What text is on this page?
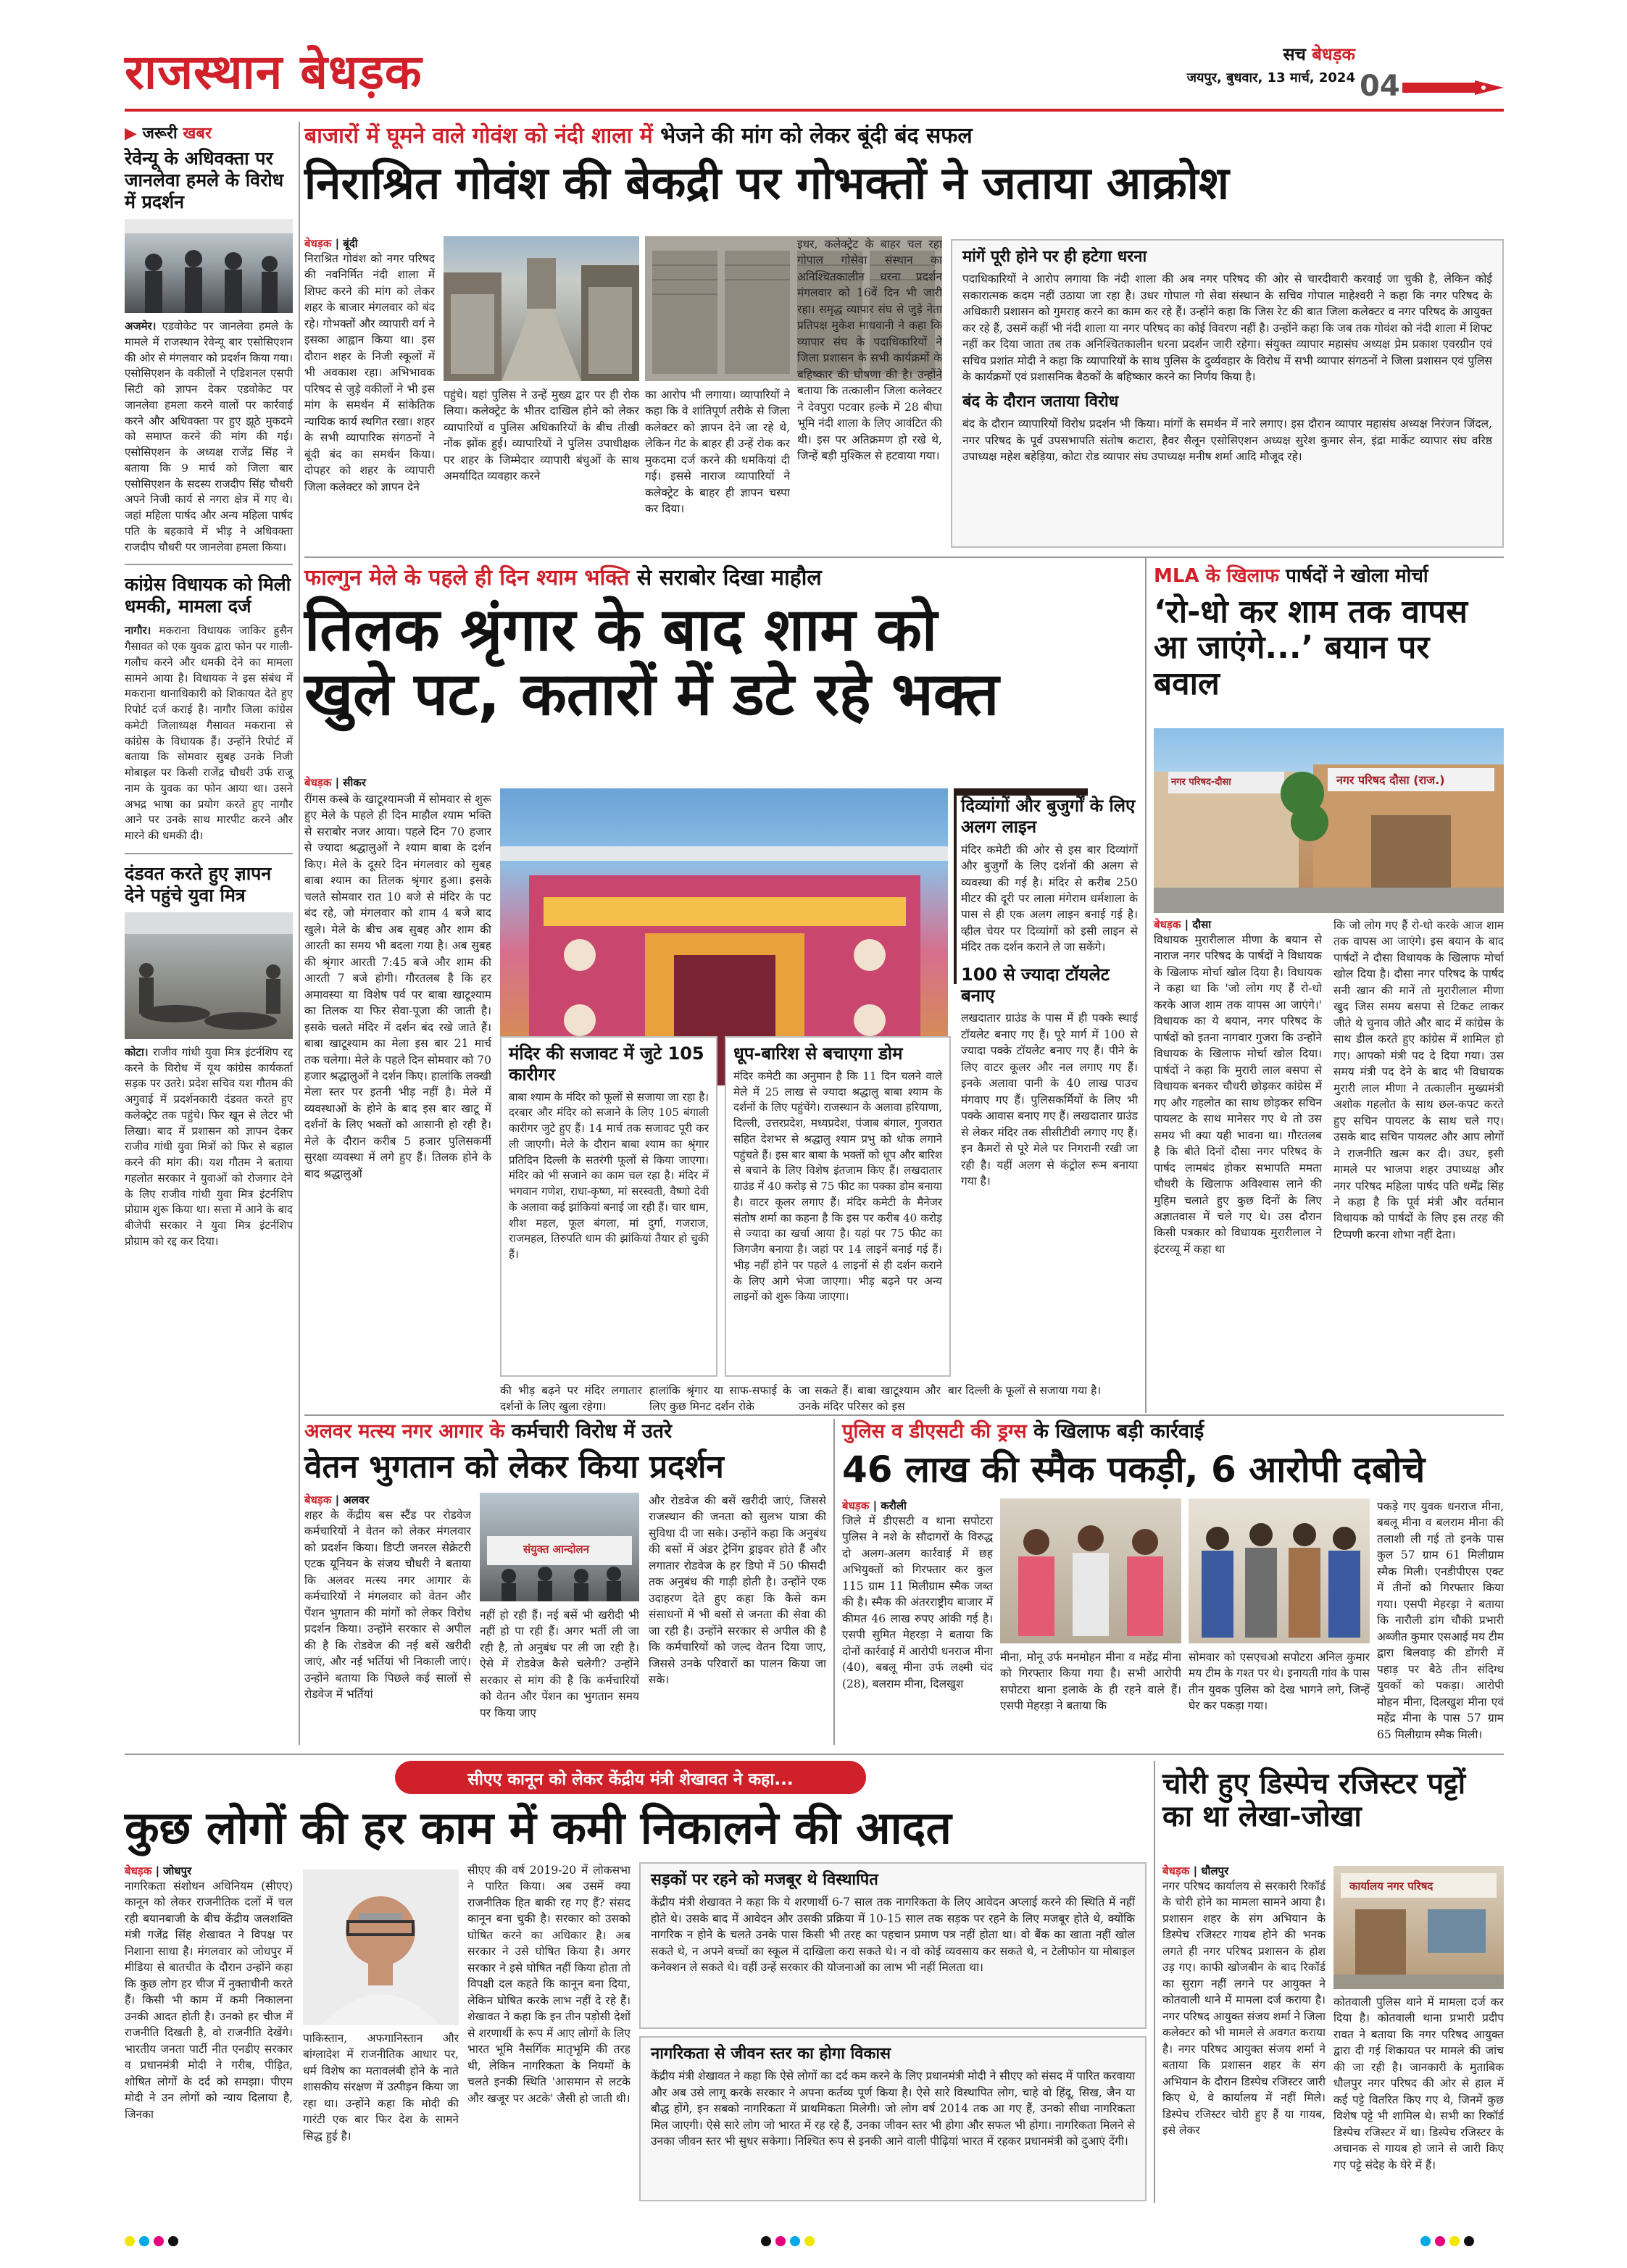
राजस्थान बेधड़क	सच बेधड़क
जयपुर, बुधवार, 13 मार्च, 2024 04
▶ जरूरी खबर
रेवेन्यू के अधिवक्ता पर जानलेवा हमले के विरोध में प्रदर्शन
अजमेर। एडवोकेट पर जानलेवा हमले के मामले में राजस्थान रेवेन्यू बार एसोसिएशन की ओर से मंगलवार को प्रदर्शन किया गया। एसोसिएशन के वकीलों ने एडिशनल एसपी सिटी को ज्ञापन देकर एडवोकेट पर जानलेवा हमला करने वालों पर कार्रवाई करने और अधिवक्ता पर हुए झूठे मुकदमे को समाप्त करने की मांग की गई। एसोसिएशन के अध्यक्ष राजेंद्र सिंह ने बताया कि 9 मार्च को जिला बार एसोसिएशन के सदस्य राजदीप सिंह चौधरी अपने निजी कार्य से नगरा क्षेत्र में गए थे। जहां महिला पार्षद और अन्य महिला पार्षद पति के बहकावे में भीड़ ने अधिवक्ता राजदीप चौधरी पर जानलेवा हमला किया।
कांग्रेस विधायक को मिली धमकी, मामला दर्ज
नागौर। मकराना विधायक जाकिर हुसैन गैसावत को एक युवक द्वारा फोन पर गाली-गलौच करने और धमकी देने का मामला सामने आया है। विधायक ने इस संबंध में मकराना थानाधिकारी को शिकायत देते हुए रिपोर्ट दर्ज कराई है। नागौर जिला कांग्रेस कमेटी जिलाध्यक्ष गैसावत मकराना से कांग्रेस के विधायक हैं। उन्होंने रिपोर्ट में बताया कि सोमवार सुबह उनके निजी मोबाइल पर किसी राजेंद्र चौधरी उर्फ राजू नाम के युवक का फोन आया था। उसने अभद्र भाषा का प्रयोग करते हुए नागौर आने पर उनके साथ मारपीट करने और मारने की धमकी दी।
दंडवत करते हुए ज्ञापन देने पहुंचे युवा मित्र
कोटा। राजीव गांधी युवा मित्र इंटर्नशिप रद्द करने के विरोध में यूथ कांग्रेस कार्यकर्ता सड़क पर उतरे। प्रदेश सचिव यश गौतम की अगुवाई में प्रदर्शनकारी दंडवत करते हुए कलेक्ट्रेट तक पहुंचे। फिर खून से लेटर भी लिखा। बाद में प्रशासन को ज्ञापन देकर राजीव गांधी युवा मित्रों को फिर से बहाल करने की मांग की। यश गौतम ने बताया गहलोत सरकार ने युवाओं को रोजगार देने के लिए राजीव गांधी युवा मित्र इंटर्नशिप प्रोग्राम शुरू किया था। सत्ता में आने के बाद बीजेपी सरकार ने युवा मित्र इंटर्नशिप प्रोग्राम को रद्द कर दिया।
बाजारों में घूमने वाले गोवंश को नंदी शाला में भेजने की मांग को लेकर बूंदी बंद सफल
निराश्रित गोवंश की बेकद्री पर गोभक्तों ने जताया आक्रोश
बेधड़क | बूंदी
निराश्रित गोवंश को नगर परिषद की नवनिर्मित नंदी शाला में शिफ्ट करने की मांग को लेकर शहर के बाजार मंगलवार को बंद रहे। गोभक्तों और व्यापारी वर्ग ने इसका आह्वान किया था। इस दौरान शहर के निजी स्कूलों में भी अवकाश रहा। अभिभावक परिषद से जुड़े वकीलों ने भी इस मांग के समर्थन में सांकेतिक न्यायिक कार्य स्थगित रखा। शहर के सभी व्यापारिक संगठनों ने बूंदी बंद का समर्थन किया। दोपहर को शहर के व्यापारी जिला कलेक्टर को ज्ञापन देने
पहुंचे। यहां पुलिस ने उन्हें मुख्य द्वार पर ही रोक लिया। कलेक्ट्रेट के भीतर दाखिल होने को लेकर व्यापारियों व पुलिस अधिकारियों के बीच तीखी नोंक झोंक हुई। व्यापारियों ने पुलिस उपाधीक्षक पर शहर के जिम्मेदार व्यापारी बंधुओं के साथ अमर्यादित व्यवहार करने
का आरोप भी लगाया। व्यापारियों ने कहा कि वे शांतिपूर्ण तरीके से जिला कलेक्टर को ज्ञापन देने जा रहे थे, लेकिन गेट के बाहर ही उन्हें रोक कर मुकदमा दर्ज करने की धमकियां दी गई। इससे नाराज व्यापारियों ने कलेक्ट्रेट के बाहर ही ज्ञापन चस्पा कर दिया।
इधर, कलेक्ट्रेट के बाहर चल रहा गोपाल गोसेवा संस्थान का अनिश्चितकालीन धरना प्रदर्शन मंगलवार को 16वें दिन भी जारी रहा। समृद्ध व्यापार संघ से जुड़े नेता प्रतिपक्ष मुकेश माधवानी ने कहा कि व्यापार संघ के पदाधिकारियों ने जिला प्रशासन के सभी कार्यक्रमों के बहिष्कार की घोषणा की है। उन्होंने बताया कि तत्कालीन जिला कलेक्टर ने देवपुरा पटवार हल्के में 28 बीघा भूमि नंदी शाला के लिए आवंटित की थी। इस पर अतिक्रमण हो रखे थे, जिन्हें बड़ी मुश्किल से हटवाया गया।
मांगें पूरी होने पर ही हटेगा धरना
पदाधिकारियों ने आरोप लगाया कि नंदी शाला की अब नगर परिषद की ओर से चारदीवारी करवाई जा चुकी है, लेकिन कोई सकारात्मक कदम नहीं उठाया जा रहा है। उधर गोपाल गो सेवा संस्थान के सचिव गोपाल माहेश्वरी ने कहा कि नगर परिषद के अधिकारी प्रशासन को गुमराह करने का काम कर रहे हैं। उन्होंने कहा कि जिस रेट की बात जिला कलेक्टर व नगर परिषद के आयुक्त कर रहे हैं, उसमें कहीं भी नंदी शाला या नगर परिषद का कोई विवरण नहीं है। उन्होंने कहा कि जब तक गोवंश को नंदी शाला में शिफ्ट नहीं कर दिया जाता तब तक अनिश्चितकालीन धरना प्रदर्शन जारी रहेगा। संयुक्त व्यापार महासंघ अध्यक्ष प्रेम प्रकाश एवरग्रीन एवं सचिव प्रशांत मोदी ने कहा कि व्यापारियों के साथ पुलिस के दुर्व्यवहार के विरोध में सभी व्यापार संगठनों ने जिला प्रशासन एवं पुलिस के कार्यक्रमों एवं प्रशासनिक बैठकों के बहिष्कार करने का निर्णय किया है।
बंद के दौरान जताया विरोध
बंद के दौरान व्यापारियों विरोध प्रदर्शन भी किया। मांगों के समर्थन में नारे लगाए। इस दौरान व्यापार महासंघ अध्यक्ष निरंजन जिंदल, नगर परिषद के पूर्व उपसभापति संतोष कटारा, हैवर सैलून एसोसिएशन अध्यक्ष सुरेश कुमार सेन, इंद्रा मार्केट व्यापार संघ वरिष्ठ उपाध्यक्ष महेश बहेड़िया, कोटा रोड व्यापार संघ उपाध्यक्ष मनीष शर्मा आदि मौजूद रहे।
फाल्गुन मेले के पहले ही दिन श्याम भक्ति से सराबोर दिखा माहौल
तिलक श्रृंगार के बाद शाम को
खुले पट, कतारों में डटे रहे भक्त
बेधड़क | सीकर
रींगस कस्बे के खाटूश्यामजी में सोमवार से शुरू हुए मेले के पहले ही दिन माहौल श्याम भक्ति से सराबोर नजर आया। पहले दिन 70 हजार से ज्यादा श्रद्धालुओं ने श्याम बाबा के दर्शन किए। मेले के दूसरे दिन मंगलवार को सुबह बाबा श्याम का तिलक श्रृंगार हुआ। इसके चलते सोमवार रात 10 बजे से मंदिर के पट बंद रहे, जो मंगलवार को शाम 4 बजे बाद खुले। मेले के बीच अब सुबह और शाम की आरती का समय भी बदला गया है। अब सुबह की श्रृंगार आरती 7:45 बजे और शाम की आरती 7 बजे होगी। गौरतलब है कि हर अमावस्या या विशेष पर्व पर बाबा खाटूश्याम का तिलक या फिर सेवा-पूजा की जाती है। इसके चलते मंदिर में दर्शन बंद रखे जाते हैं। बाबा खाटूश्याम का मेला इस बार 21 मार्च तक चलेगा। मेले के पहले दिन सोमवार को 70 हजार श्रद्धालुओं ने दर्शन किए। हालांकि लक्खी मेला स्तर पर इतनी भीड़ नहीं है। मेले में व्यवस्थाओं के होने के बाद इस बार खाटू में दर्शनों के लिए भक्तों को आसानी हो रही है। मेले के दौरान करीब 5 हजार पुलिसकर्मी सुरक्षा व्यवस्था में लगे हुए हैं। तिलक होने के बाद श्रद्धालुओं
दिव्यांगों और बुजुर्गों के लिए अलग लाइन
मंदिर कमेटी की ओर से इस बार दिव्यांगों और बुजुर्गों के लिए दर्शनों की अलग से व्यवस्था की गई है। मंदिर से करीब 250 मीटर की दूरी पर लाला मंगेराम धर्मशाला के पास से ही एक अलग लाइन बनाई गई है। व्हील चेयर पर दिव्यांगों को इसी लाइन से मंदिर तक दर्शन कराने ले जा सकेंगे।
100 से ज्यादा टॉयलेट बनाए
लखदातार ग्राउंड के पास में ही पक्के स्थाई टॉयलेट बनाए गए हैं। पूरे मार्ग में 100 से ज्यादा पक्के टॉयलेट बनाए गए हैं। पीने के लिए वाटर कूलर और नल लगाए गए हैं। इनके अलावा पानी के 40 लाख पाउच मंगवाए गए हैं। पुलिसकर्मियों के लिए भी पक्के आवास बनाए गए हैं। लखदातार ग्राउंड से लेकर मंदिर तक सीसीटीवी लगाए गए हैं। इन कैमरों से पूरे मेले पर निगरानी रखी जा रही है। यहीं अलग से कंट्रोल रूम बनाया गया है।
मंदिर की सजावट में जुटे 105 कारीगर
बाबा श्याम के मंदिर को फूलों से सजाया जा रहा है। दरबार और मंदिर को सजाने के लिए 105 बंगाली कारीगर जुटे हुए हैं। 14 मार्च तक सजावट पूरी कर ली जाएगी। मेले के दौरान बाबा श्याम का श्रृंगार प्रतिदिन दिल्ली के सतरंगी फूलों से किया जाएगा। मंदिर को भी सजाने का काम चल रहा है। मंदिर में भगवान गणेश, राधा-कृष्ण, मां सरस्वती, वैष्णो देवी के अलावा कई झांकियां बनाई जा रही हैं। चार धाम, शीश महल, फूल बंगला, मां दुर्गा, गजराज, राजमहल, तिरुपति धाम की झांकियां तैयार हो चुकी हैं।
धूप-बारिश से बचाएगा डोम
मंदिर कमेटी का अनुमान है कि 11 दिन चलने वाले मेले में 25 लाख से ज्यादा श्रद्धालु बाबा श्याम के दर्शनों के लिए पहुंचेंगे। राजस्थान के अलावा हरियाणा, दिल्ली, उत्तरप्रदेश, मध्यप्रदेश, पंजाब बंगाल, गुजरात सहित देशभर से श्रद्धालु श्याम प्रभु को धोक लगाने पहुंचते हैं। इस बार बाबा के भक्तों को धूप और बारिश से बचाने के लिए विशेष इंतजाम किए हैं। लखदातार ग्राउंड में 40 करोड़ से 75 फीट का पक्का डोम बनाया है। वाटर कूलर लगाए हैं। मंदिर कमेटी के मैनेजर संतोष शर्मा का कहना है कि इस पर करीब 40 करोड़ से ज्यादा का खर्चा आया है। यहां पर 75 फीट का जिगजैग बनाया है। जहां पर 14 लाइनें बनाई गई हैं। भीड़ नहीं होने पर पहले 4 लाइनों से ही दर्शन कराने के लिए आगे भेजा जाएगा। भीड़ बढ़ने पर अन्य लाइनों को शुरू किया जाएगा।
की भीड़ बढ़ने पर मंदिर लगातार दर्शनों के लिए खुला रहेगा।
हालांकि श्रृंगार या साफ-सफाई के लिए कुछ मिनट दर्शन रोके
जा सकते हैं। बाबा खाटूश्याम और उनके मंदिर परिसर को इस
बार दिल्ली के फूलों से सजाया गया है।
MLA के खिलाफ पार्षदों ने खोला मोर्चा
‘रो-धो कर शाम तक वापस आ जाएंगे...’ बयान पर बवाल
नगर परिषद-दौसा	नगर परिषद दौसा (राज.)
बेधड़क | दौसा
विधायक मुरारीलाल मीणा के बयान से नाराज नगर परिषद के पार्षदों ने विधायक के खिलाफ मोर्चा खोल दिया है। विधायक ने कहा था कि 'जो लोग गए हैं रो-धो करके आज शाम तक वापस आ जाएंगे।' विधायक का ये बयान, नगर परिषद के पार्षदों को इतना नागवार गुजरा कि उन्होंने विधायक के खिलाफ मोर्चा खोल दिया। पार्षदों ने कहा कि मुरारी लाल बसपा से विधायक बनकर चौधरी छोड़कर कांग्रेस में गए और गहलोत का साथ छोड़कर सचिन पायलट के साथ मानेसर गए थे तो उस समय भी क्या यही भावना था। गौरतलब है कि बीते दिनों दौसा नगर परिषद के पार्षद लामबंद होकर सभापति ममता चौधरी के खिलाफ अविश्वास लाने की मुहिम चलाते हुए कुछ दिनों के लिए अज्ञातवास में चले गए थे। उस दौरान किसी पत्रकार को विधायक मुरारीलाल ने इंटरव्यू में कहा था
कि जो लोग गए हैं रो-धो करके आज शाम तक वापस आ जाएंगे। इस बयान के बाद पार्षदों ने दौसा विधायक के खिलाफ मोर्चा खोल दिया है। दौसा नगर परिषद के पार्षद सनी खान की मानें तो मुरारीलाल मीणा खुद जिस समय बसपा से टिकट लाकर जीते थे चुनाव जीते और बाद में कांग्रेस के साथ डील करते हुए कांग्रेस में शामिल हो गए। आपको मंत्री पद दे दिया गया। उस समय मंत्री पद देने के बाद भी विधायक मुरारी लाल मीणा ने तत्कालीन मुख्यमंत्री अशोक गहलोत के साथ छल-कपट करते हुए सचिन पायलट के साथ चले गए। उसके बाद सचिन पायलट और आप लोगों ने राजनीति खत्म कर दी। उधर, इसी मामले पर भाजपा शहर उपाध्यक्ष और नगर परिषद महिला पार्षद पति धर्मेंद्र सिंह ने कहा है कि पूर्व मंत्री और वर्तमान विधायक को पार्षदों के लिए इस तरह की टिप्पणी करना शोभा नहीं देता।
अलवर मत्स्य नगर आगार के कर्मचारी विरोध में उतरे
वेतन भुगतान को लेकर किया प्रदर्शन
बेधड़क | अलवर
शहर के केंद्रीय बस स्टैंड पर रोडवेज कर्मचारियों ने वेतन को लेकर मंगलवार को प्रदर्शन किया। डिप्टी जनरल सेक्रेटरी एटक यूनियन के संजय चौधरी ने बताया कि अलवर मत्स्य नगर आगार के कर्मचारियों ने मंगलवार को वेतन और पेंशन भुगतान की मांगों को लेकर विरोध प्रदर्शन किया। उन्होंने सरकार से अपील की है कि रोडवेज की नई बसें खरीदी जाएं, और नई भर्तियां भी निकाली जाएं। उन्होंने बताया कि पिछले कई सालों से रोडवेज में भर्तियां
संयुक्त आन्दोलन
नहीं हो रही हैं। नई बसें भी खरीदी भी नहीं हो पा रही हैं। अगर भर्ती ली जा रही है, तो अनुबंध पर ली जा रही है। ऐसे में रोडवेज कैसे चलेगी? उन्होंने सरकार से मांग की है कि कर्मचारियों को वेतन और पेंशन का भुगतान समय पर किया जाए
और रोडवेज की बसें खरीदी जाएं, जिससे राजस्थान की जनता को सुलभ यात्रा की सुविधा दी जा सके। उन्होंने कहा कि अनुबंध की बसों में अंडर ट्रेनिंग ड्राइवर होते हैं और लगातार रोडवेज के हर डिपो में 50 फीसदी तक अनुबंध की गाड़ी होती है। उन्होंने एक उदाहरण देते हुए कहा कि कैसे कम संसाधनों में भी बसों से जनता की सेवा की जा रही है। उन्होंने सरकार से अपील की है कि कर्मचारियों को जल्द वेतन दिया जाए, जिससे उनके परिवारों का पालन किया जा सके।
पुलिस व डीएसटी की ड्रग्स के खिलाफ बड़ी कार्रवाई
46 लाख की स्मैक पकड़ी, 6 आरोपी दबोचे
बेधड़क | करौली
जिले में डीएसटी व थाना सपोटरा पुलिस ने नशे के सौदागरों के विरुद्ध दो अलग-अलग कार्रवाई में छह अभियुक्तों को गिरफ्तार कर कुल 115 ग्राम 11 मिलीग्राम स्मैक जब्त की है। स्मैक की अंतरराष्ट्रीय बाजार में कीमत 46 लाख रुपए आंकी गई है। एसपी सुमित मेहरड़ा ने बताया कि दोनों कार्रवाई में आरोपी धनराज मीना (40), बबलू मीना उर्फ लक्ष्मी चंद (28), बलराम मीना, दिलखुश
मीना, मोनू उर्फ मनमोहन मीना व महेंद्र मीना को गिरफ्तार किया गया है। सभी आरोपी सपोटरा थाना इलाके के ही रहने वाले हैं। एसपी मेहरड़ा ने बताया कि
सोमवार को एसएचओ सपोटरा अनिल कुमार मय टीम के गश्त पर थे। इनायती गांव के पास तीन युवक पुलिस को देख भागने लगे, जिन्हें घेर कर पकड़ा गया।
पकड़े गए युवक धनराज मीना, बबलू मीना व बलराम मीना की तलाशी ली गई तो इनके पास कुल 57 ग्राम 61 मिलीग्राम स्मैक मिली। एनडीपीएस एक्ट में तीनों को गिरफ्तार किया गया। एसपी मेहरड़ा ने बताया कि नारौली डांग चौकी प्रभारी अब्जीत कुमार एसआई मय टीम द्वारा बिलवाड़ की डोंगरी में पहाड़ पर बैठे तीन संदिग्ध युवकों को पकड़ा। आरोपी मोहन मीना, दिलखुश मीना एवं महेंद्र मीना के पास 57 ग्राम 65 मिलीग्राम स्मैक मिली।
सीएए कानून को लेकर केंद्रीय मंत्री शेखावत ने कहा...
कुछ लोगों की हर काम में कमी निकालने की आदत
बेधड़क | जोधपुर
नागरिकता संशोधन अधिनियम (सीएए) कानून को लेकर राजनीतिक दलों में चल रही बयानबाजी के बीच केंद्रीय जलशक्ति मंत्री गजेंद्र सिंह शेखावत ने विपक्ष पर निशाना साधा है। मंगलवार को जोधपुर में मीडिया से बातचीत के दौरान उन्होंने कहा कि कुछ लोग हर चीज में नुक्ताचीनी करते हैं। किसी भी काम में कमी निकालना उनकी आदत होती है। उनको हर चीज में राजनीति दिखती है, वो राजनीति देखेंगे। भारतीय जनता पार्टी नीत एनडीए सरकार व प्रधानमंत्री मोदी ने गरीब, पीड़ित, शोषित लोगों के दर्द को समझा। पीएम मोदी ने उन लोगों को न्याय दिलाया है, जिनका
पाकिस्तान, अफगानिस्तान और बांग्लादेश में राजनीतिक आधार पर, धर्म विशेष का मतावलंबी होने के नाते शासकीय संरक्षण में उत्पीड़न किया जा रहा था। उन्होंने कहा कि मोदी की गारंटी एक बार फिर देश के सामने सिद्ध हुई है।
सीएए की वर्ष 2019-20 में लोकसभा ने पारित किया। अब उसमें क्या राजनीतिक हित बाकी रह गए हैं? संसद कानून बना चुकी है। सरकार को उसको घोषित करने का अधिकार है। अब सरकार ने उसे घोषित किया है। अगर सरकार ने इसे घोषित नहीं किया होता तो विपक्षी दल कहते कि कानून बना दिया, लेकिन घोषित करके लाभ नहीं दे रहे हैं। शेखावत ने कहा कि इन तीन पड़ोसी देशों से शरणार्थी के रूप में आए लोगों के लिए भारत भूमि नैसर्गिक मातृभूमि की तरह थी, लेकिन नागरिकता के नियमों के चलते इनकी स्थिति 'आसमान से लटके और खजूर पर अटके' जैसी हो जाती थी।
सड़कों पर रहने को मजबूर थे विस्थापित
केंद्रीय मंत्री शेखावत ने कहा कि ये शरणार्थी 6-7 साल तक नागरिकता के लिए आवेदन अप्लाई करने की स्थिति में नहीं होते थे। उसके बाद में आवेदन और उसकी प्रक्रिया में 10-15 साल तक सड़क पर रहने के लिए मजबूर होते थे, क्योंकि नागरिक न होने के चलते उनके पास किसी भी तरह का पहचान प्रमाण पत्र नहीं होता था। वो बैंक का खाता नहीं खोल सकते थे, न अपने बच्चों का स्कूल में दाखिला करा सकते थे। न वो कोई व्यवसाय कर सकते थे, न टेलीफोन या मोबाइल कनेक्शन ले सकते थे। वहीं उन्हें सरकार की योजनाओं का लाभ भी नहीं मिलता था।
नागरिकता से जीवन स्तर का होगा विकास
केंद्रीय मंत्री शेखावत ने कहा कि ऐसे लोगों का दर्द कम करने के लिए प्रधानमंत्री मोदी ने सीएए को संसद में पारित करवाया और अब उसे लागू करके सरकार ने अपना कर्तव्य पूर्ण किया है। ऐसे सारे विस्थापित लोग, चाहे वो हिंदू, सिख, जैन या बौद्ध होंगे, इन सबको नागरिकता में प्राथमिकता मिलेगी। जो लोग वर्ष 2014 तक आ गए हैं, उनको सीधा नागरिकता मिल जाएगी। ऐसे सारे लोग जो भारत में रह रहे हैं, उनका जीवन स्तर भी होगा और सफल भी होगा। नागरिकता मिलने से उनका जीवन स्तर भी सुधर सकेगा। निश्चित रूप से इनकी आने वाली पीढ़ियां भारत में रहकर प्रधानमंत्री को दुआएं देंगी।
चोरी हुए डिस्पेच रजिस्टर पट्टों का था लेखा-जोखा
बेधड़क | धौलपुर
नगर परिषद कार्यालय से सरकारी रिकॉर्ड के चोरी होने का मामला सामने आया है। प्रशासन शहर के संग अभियान के डिस्पेच रजिस्टर गायब होने की भनक लगते ही नगर परिषद प्रशासन के होश उड़ गए। काफी खोजबीन के बाद रिकॉर्ड का सुराग नहीं लगने पर आयुक्त ने कोतवाली थाने में मामला दर्ज कराया है। नगर परिषद आयुक्त संजय शर्मा ने जिला कलेक्टर को भी मामले से अवगत कराया है। नगर परिषद आयुक्त संजय शर्मा ने बताया कि प्रशासन शहर के संग अभियान के दौरान डिस्पेच रजिस्टर जारी किए थे, वे कार्यालय में नहीं मिले। डिस्पेच रजिस्टर चोरी हुए हैं या गायब, इसे लेकर
कार्यालय नगर परिषद
कोतवाली पुलिस थाने में मामला दर्ज कर दिया है। कोतवाली थाना प्रभारी प्रदीप रावत ने बताया कि नगर परिषद आयुक्त द्वारा दी गई शिकायत पर मामले की जांच की जा रही है। जानकारी के मुताबिक धौलपुर नगर परिषद की ओर से हाल में कई पट्टे वितरित किए गए थे, जिनमें कुछ विशेष पट्टे भी शामिल थे। सभी का रिकॉर्ड डिस्पेच रजिस्टर में था। डिस्पेच रजिस्टर के अचानक से गायब हो जाने से जारी किए गए पट्टे संदेह के घेरे में हैं।
